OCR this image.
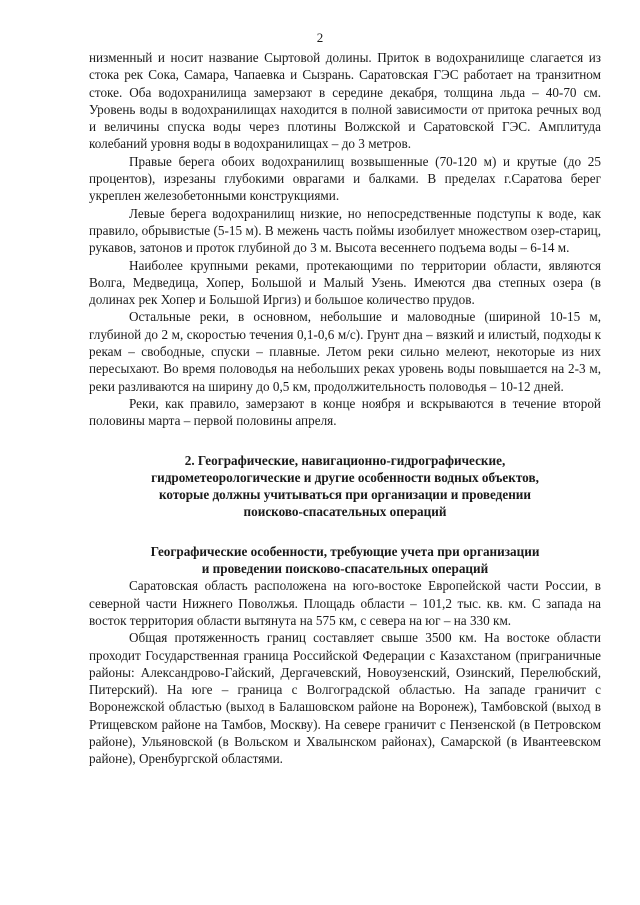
2

низменный и носит название Сыртовой долины. Приток в водохранилище слагается из стока рек Сока, Самара, Чапаевка и Сызрань. Саратовская ГЭС работает на транзитном стоке. Оба водохранилища замерзают в середине декабря, толщина льда – 40-70 см. Уровень воды в водохранилищах находится в полной зависимости от притока речных вод и величины спуска воды через плотины Волжской и Саратовской ГЭС. Амплитуда колебаний уровня воды в водохранилищах – до 3 метров.

Правые берега обоих водохранилищ возвышенные (70-120 м) и крутые (до 25 процентов), изрезаны глубокими оврагами и балками. В пределах г.Саратова берег укреплен железобетонными конструкциями.

Левые берега водохранилищ низкие, но непосредственные подступы к воде, как правило, обрывистые (5-15 м). В межень часть поймы изобилует множеством озер-стариц, рукавов, затонов и проток глубиной до 3 м. Высота весеннего подъема воды – 6-14 м.

Наиболее крупными реками, протекающими по территории области, являются Волга, Медведица, Хопер, Большой и Малый Узень. Имеются два степных озера (в долинах рек Хопер и Большой Иргиз) и большое количество прудов.

Остальные реки, в основном, небольшие и маловодные (шириной 10-15 м, глубиной до 2 м, скоростью течения 0,1-0,6 м/с). Грунт дна – вязкий и илистый, подходы к рекам – свободные, спуски – плавные. Летом реки сильно мелеют, некоторые из них пересыхают. Во время половодья на небольших реках уровень воды повышается на 2-3 м, реки разливаются на ширину до 0,5 км, продолжительность половодья – 10-12 дней.

Реки, как правило, замерзают в конце ноября и вскрываются в течение второй половины марта – первой половины апреля.

2. Географические, навигационно-гидрографические,
гидрометеорологические и другие особенности водных объектов,
которые должны учитываться при организации и проведении
поисково-спасательных операций
Географические особенности, требующие учета при организации
и проведении поисково-спасательных операций

Саратовская область расположена на юго-востоке Европейской части России, в северной части Нижнего Поволжья. Площадь области – 101,2 тыс. кв. км. С запада на восток территория области вытянута на 575 км, с севера на юг – на 330 км.

Общая протяженность границ составляет свыше 3500 км. На востоке области проходит Государственная граница Российской Федерации с Казахстаном (приграничные районы: Александрово-Гайский, Дергачевский, Новоузенский, Озинский, Перелюбский, Питерский). На юге – граница с Волгоградской областью. На западе граничит с Воронежской областью (выход в Балашовском районе на Воронеж), Тамбовской (выход в Ртищевском районе на Тамбов, Москву). На севере граничит с Пензенской (в Петровском районе), Ульяновской (в Вольском и Хвалынском районах), Самарской (в Ивантеевском районе), Оренбургской областями.
